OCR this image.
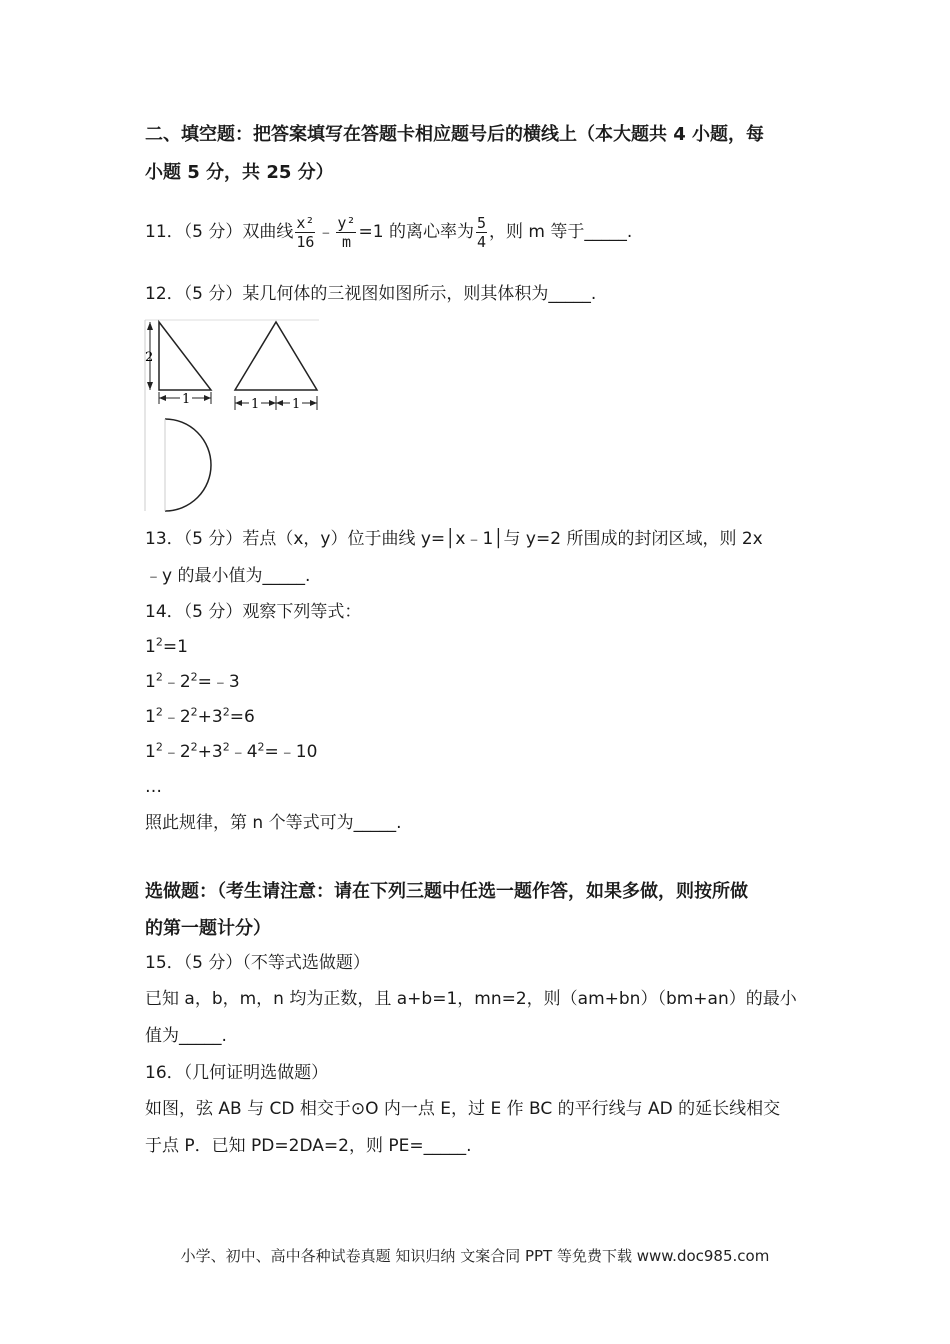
二、填空题：把答案填写在答题卡相应题号后的横线上（本大题共 4 小题，每
小题 5 分，共 25 分）
11．（5 分）双曲线 $\frac{\text{x²}}{16}$ ﹣ $\frac{\text{y²}}{m} =1$ 的离心率为 $\frac{5}{4}$ ，则 m 等于_____.
12．（5 分）某几何体的三视图如图所示，则其体积为_____.
2
1	1	1
13．（5 分）若点（x，y）位于曲线 y=│x﹣1│与 y=2 所围成的封闭区域，则 2x
﹣y 的最小值为_____.
14．（5 分）观察下列等式：
$1^2=1$
$1^2﹣2^2=﹣3$
$1^2﹣2^2+3^2=6$
$1^2﹣2^2+3^2﹣4^2=﹣10$
…
照此规律，第 n 个等式可为_____.
选做题：（考生请注意：请在下列三题中任选一题作答，如果多做，则按所做
的第一题计分）
15．（5 分）（不等式选做题）
已知 a，b，m，n 均为正数，且 a+b=1，mn=2，则（am+bn）（bm+an）的最小
值为_____.
16．（几何证明选做题）
如图，弦 AB 与 CD 相交于⊙O 内一点 E，过 E 作 BC 的平行线与 AD 的延长线相交
于点 P．已知 PD=2DA=2，则 PE=_____.
小学、初中、高中各种试卷真题 知识归纳 文案合同 PPT 等免费下载 www.doc985.com
